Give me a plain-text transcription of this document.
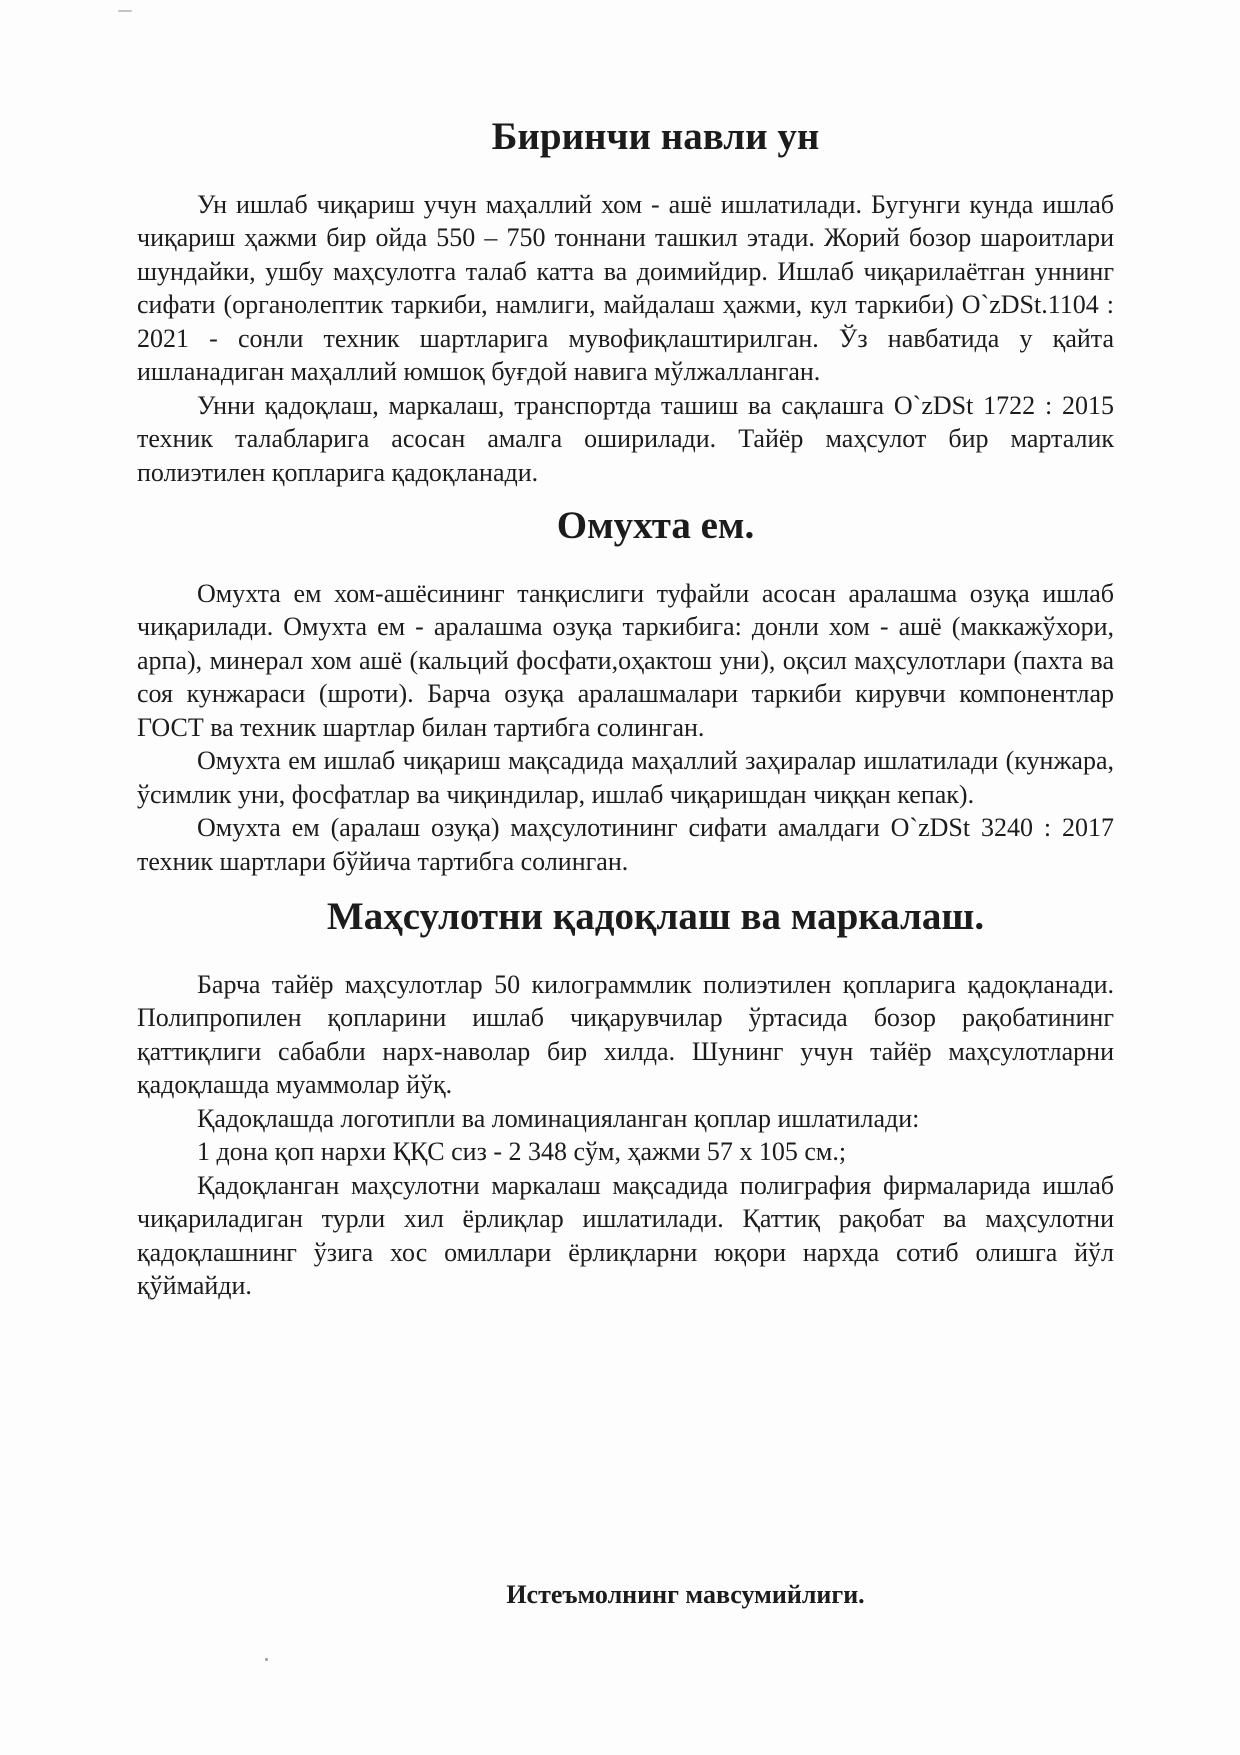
Биринчи навли ун

Ун ишлаб чиқариш учун маҳаллий хом - ашё ишлатилади. Бугунги кунда ишлаб чиқариш ҳажми бир ойда 550 – 750 тоннани ташкил этади. Жорий бозор шароитлари шундайки, ушбу маҳсулотга талаб катта ва доимийдир. Ишлаб чиқарилаётган уннинг сифати (органолептик таркиби, намлиги, майдалаш ҳажми, кул таркиби) O`zDSt.1104 : 2021 - сонли техник шартларига мувофиқлаштирилган. Ўз навбатида у қайта ишланадиган маҳаллий юмшоқ буғдой навига мўлжалланган.

Унни қадоқлаш, маркалаш, транспортда ташиш ва сақлашга O`zDSt 1722 : 2015 техник талабларига асосан амалга оширилади. Тайёр маҳсулот бир марталик полиэтилен қопларига қадоқланади.

Омухта ем.

Омухта ем хом-ашёсининг танқислиги туфайли асосан аралашма озуқа ишлаб чиқарилади. Омухта ем - аралашма озуқа таркибига: донли хом - ашё (маккажўхори, арпа), минерал хом ашё (кальций фосфати,оҳактош уни), оқсил маҳсулотлари (пахта ва соя кунжараси (шроти). Барча озуқа аралашмалари таркиби кирувчи компонентлар ГОСТ ва техник шартлар билан тартибга солинган.

Омухта ем ишлаб чиқариш мақсадида маҳаллий заҳиралар ишлатилади (кунжара, ўсимлик уни, фосфатлар ва чиқиндилар, ишлаб чиқаришдан чиққан кепак).

Омухта ем (аралаш озуқа) маҳсулотининг сифати амалдаги O`zDSt 3240 : 2017 техник шартлари бўйича тартибга солинган.

Маҳсулотни қадоқлаш ва маркалаш.

Барча тайёр маҳсулотлар 50 килограммлик полиэтилен қопларига қадоқланади. Полипропилен қопларини ишлаб чиқарувчилар ўртасида бозор рақобатининг қаттиқлиги сабабли нарх-наволар бир хилда. Шунинг учун тайёр маҳсулотларни қадоқлашда муаммолар йўқ.

Қадоқлашда логотипли ва ломинацияланган қоплар ишлатилади:

1 дона қоп нархи ҚҚС сиз - 2 348 сўм, ҳажми 57 х 105 см.;

Қадоқланган маҳсулотни маркалаш мақсадида полиграфия фирмаларида ишлаб чиқариладиган турли хил ёрлиқлар ишлатилади. Қаттиқ рақобат ва маҳсулотни қадоқлашнинг ўзига хос омиллари ёрлиқларни юқори нархда сотиб олишга йўл қўймайди.

Истеъмолнинг мавсумийлиги.
